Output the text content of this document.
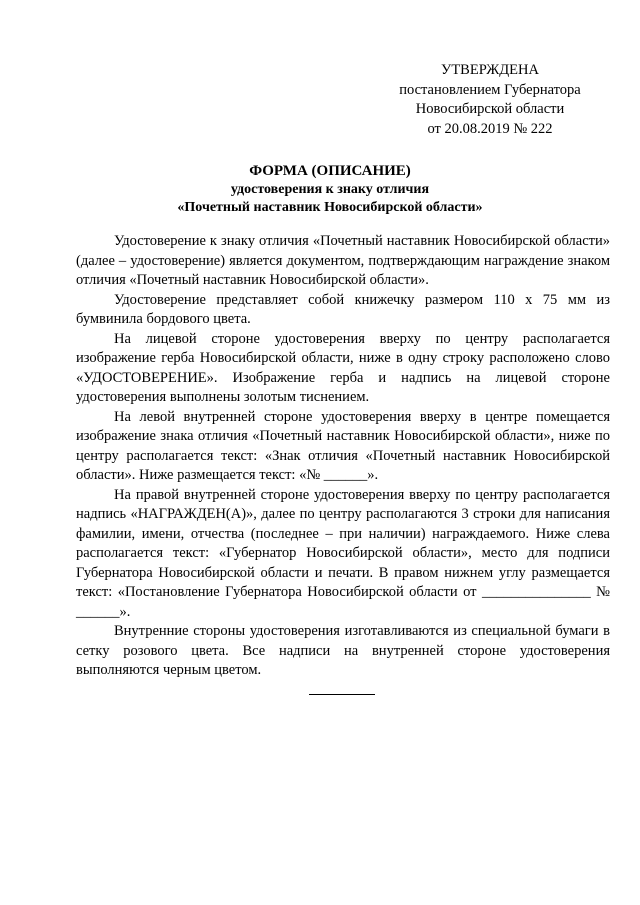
УТВЕРЖДЕНА
постановлением Губернатора
Новосибирской области
от 20.08.2019 № 222
ФОРМА (ОПИСАНИЕ)
удостоверения к знаку отличия
«Почетный наставник Новосибирской области»

Удостоверение к знаку отличия «Почетный наставник Новосибирской области» (далее – удостоверение) является документом, подтверждающим награждение знаком отличия «Почетный наставник Новосибирской области».

Удостоверение представляет собой книжечку размером 110 х 75 мм из бумвинила бордового цвета.

На лицевой стороне удостоверения вверху по центру располагается изображение герба Новосибирской области, ниже в одну строку расположено слово «УДОСТОВЕРЕНИЕ». Изображение герба и надпись на лицевой стороне удостоверения выполнены золотым тиснением.

На левой внутренней стороне удостоверения вверху в центре помещается изображение знака отличия «Почетный наставник Новосибирской области», ниже по центру располагается текст: «Знак отличия «Почетный наставник Новосибирской области». Ниже размещается текст: «№ ______».

На правой внутренней стороне удостоверения вверху по центру располагается надпись «НАГРАЖДЕН(А)», далее по центру располагаются 3 строки для написания фамилии, имени, отчества (последнее – при наличии) награждаемого. Ниже слева располагается текст: «Губернатор Новосибирской области», место для подписи Губернатора Новосибирской области и печати. В правом нижнем углу размещается текст: «Постановление Губернатора Новосибирской области от _______________ № ______».

Внутренние стороны удостоверения изготавливаются из специальной бумаги в сетку розового цвета. Все надписи на внутренней стороне удостоверения выполняются черным цветом.
